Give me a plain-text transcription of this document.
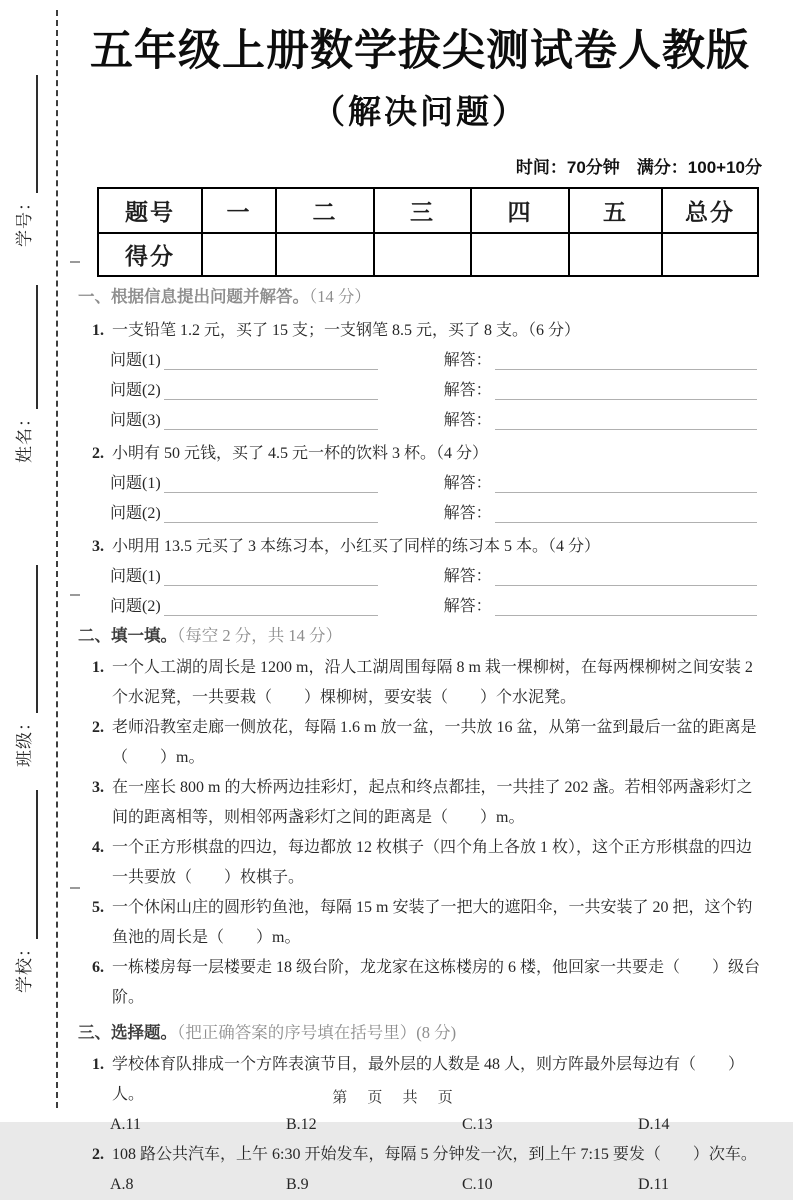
学号：
姓名：
班级：
学校：
五年级上册数学拔尖测试卷人教版
（解决问题）
时间：70分钟　满分：100+10分
题号	一	二	三	四	五	总分
得分						
一、根据信息提出问题并解答。（14 分）
1. 一支铅笔 1.2 元，买了 15 支；一支钢笔 8.5 元，买了 8 支。（6 分）
问题(1)	解答：
问题(2)	解答：
问题(3)	解答：
2. 小明有 50 元钱，买了 4.5 元一杯的饮料 3 杯。（4 分）
问题(1)	解答：
问题(2)	解答：
3. 小明用 13.5 元买了 3 本练习本，小红买了同样的练习本 5 本。（4 分）
问题(1)	解答：
问题(2)	解答：
二、填一填。（每空 2 分，共 14 分）
1. 一个人工湖的周长是 1200 m，沿人工湖周围每隔 8 m 栽一棵柳树，在每两棵柳树之间安装 2 个水泥凳，一共要栽（　　）棵柳树，要安装（　　）个水泥凳。
2. 老师沿教室走廊一侧放花，每隔 1.6 m 放一盆，一共放 16 盆，从第一盆到最后一盆的距离是（　　）m。
3. 在一座长 800 m 的大桥两边挂彩灯，起点和终点都挂，一共挂了 202 盏。若相邻两盏彩灯之间的距离相等，则相邻两盏彩灯之间的距离是（　　）m。
4. 一个正方形棋盘的四边，每边都放 12 枚棋子（四个角上各放 1 枚），这个正方形棋盘的四边一共要放（　　）枚棋子。
5. 一个休闲山庄的圆形钓鱼池，每隔 15 m 安装了一把大的遮阳伞，一共安装了 20 把，这个钓鱼池的周长是（　　）m。
6. 一栋楼房每一层楼要走 18 级台阶，龙龙家在这栋楼房的 6 楼，他回家一共要走（　　）级台阶。
三、选择题。（把正确答案的序号填在括号里）(8 分)
1. 学校体育队排成一个方阵表演节目，最外层的人数是 48 人，则方阵最外层每边有（　　）人。
A.11	B.12	C.13	D.14
2. 108 路公共汽车，上午 6:30 开始发车，每隔 5 分钟发一次，到上午 7:15 要发（　　）次车。
A.8	B.9	C.10	D.11
第 页 共 页
